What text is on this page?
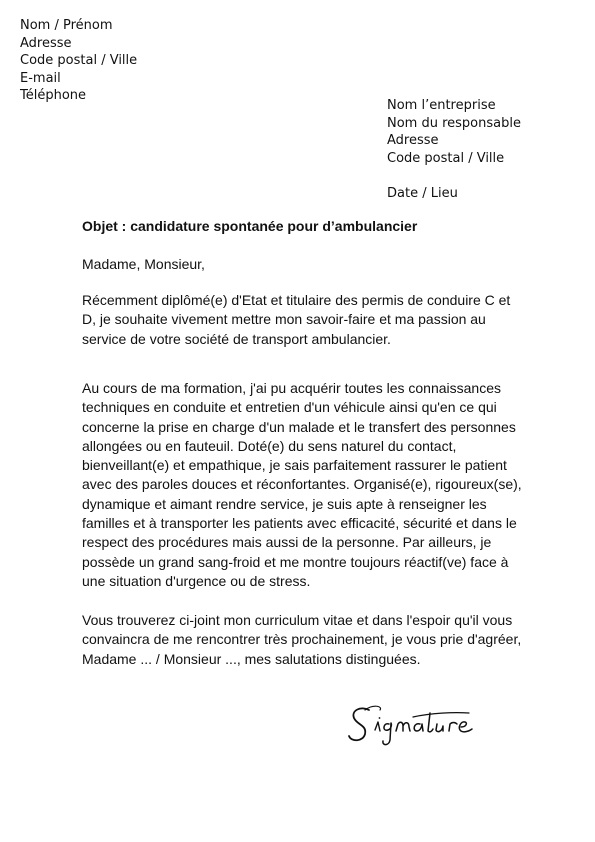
Nom / Prénom
Adresse
Code postal / Ville
E-mail
Téléphone
Nom l’entreprise
Nom du responsable
Adresse
Code postal / Ville
Date / Lieu

Objet : candidature spontanée pour d’ambulancier

Madame, Monsieur,

Récemment diplômé(e) d'Etat et titulaire des permis de conduire C et D, je souhaite vivement mettre mon savoir-faire et ma passion au service de votre société de transport ambulancier.

Au cours de ma formation, j'ai pu acquérir toutes les connaissances techniques en conduite et entretien d'un véhicule ainsi qu'en ce qui concerne la prise en charge d'un malade et le transfert des personnes allongées ou en fauteuil. Doté(e) du sens naturel du contact, bienveillant(e) et empathique, je sais parfaitement rassurer le patient avec des paroles douces et réconfortantes. Organisé(e), rigoureux(se), dynamique et aimant rendre service, je suis apte à renseigner les familles et à transporter les patients avec efficacité, sécurité et dans le respect des procédures mais aussi de la personne. Par ailleurs, je possède un grand sang-froid et me montre toujours réactif(ve) face à une situation d'urgence ou de stress.

Vous trouverez ci-joint mon curriculum vitae et dans l'espoir qu'il vous convaincra de me rencontrer très prochainement, je vous prie d'agréer, Madame ... / Monsieur ..., mes salutations distinguées.
